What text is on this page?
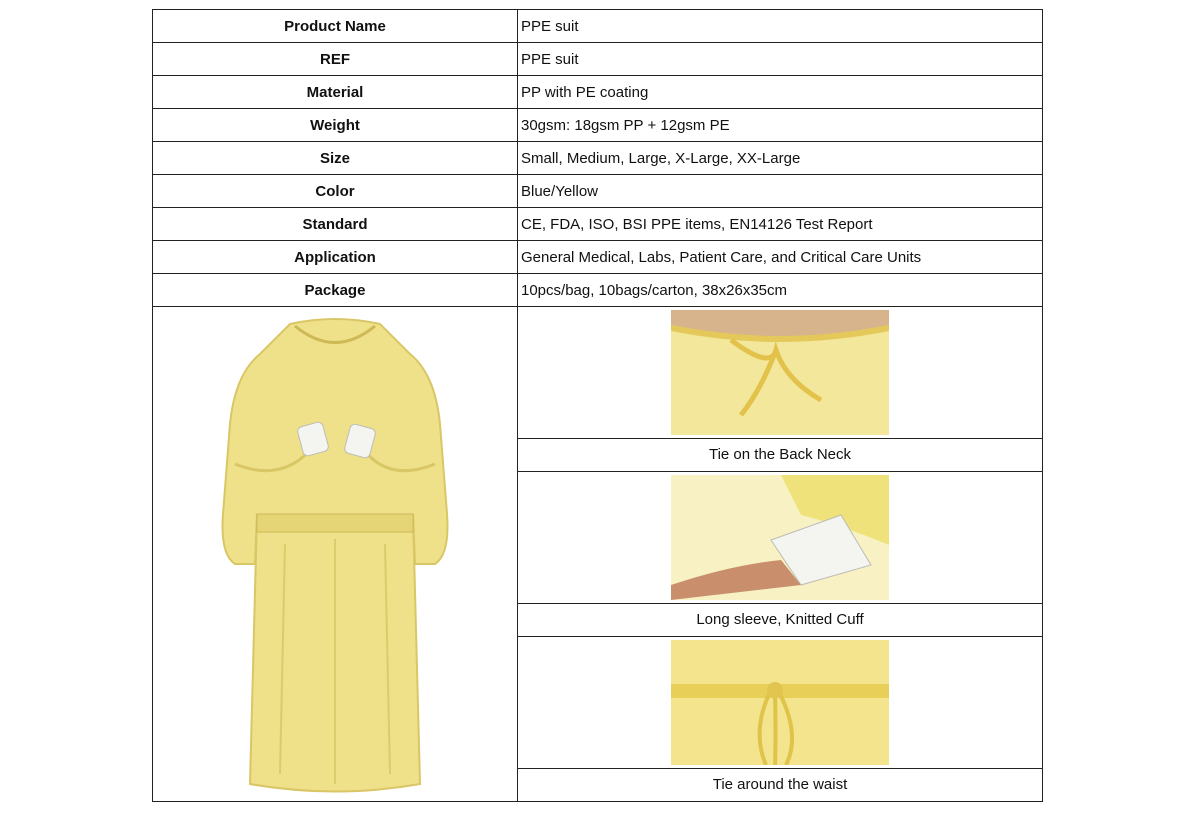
Product Name	PPE suit
REF	PPE suit
Material	PP with PE coating
Weight	30gsm: 18gsm PP + 12gsm PE
Size	Small, Medium, Large, X-Large, XX-Large
Color	Blue/Yellow
Standard	CE, FDA, ISO, BSI PPE items, EN14126 Test Report
Application	General Medical, Labs, Patient Care, and Critical Care Units
Package	10pcs/bag, 10bags/carton, 38x26x35cm

Tie on the Back Neck
Long sleeve, Knitted Cuff
Tie around the waist
